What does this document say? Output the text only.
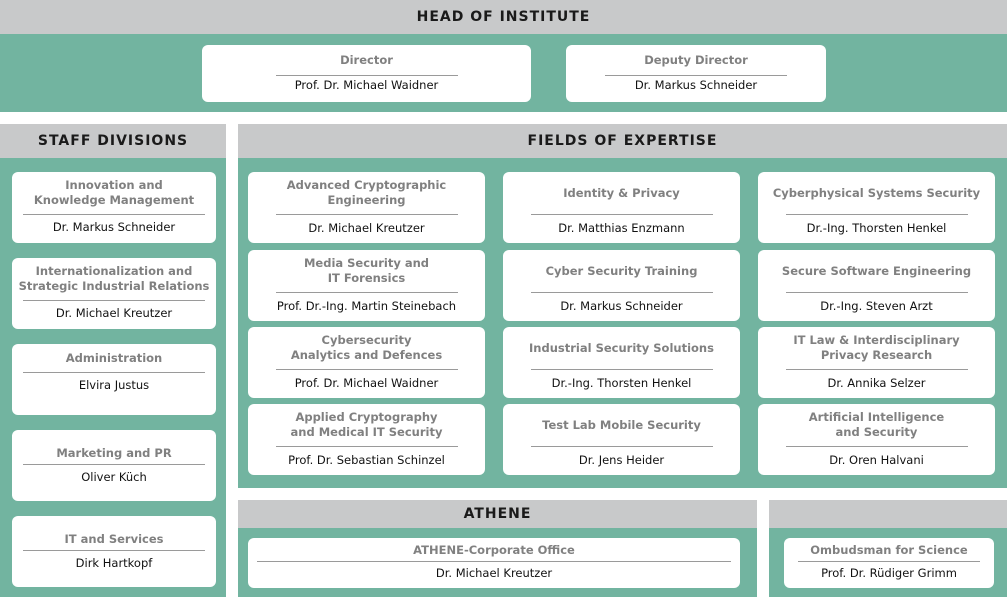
HEAD OF INSTITUTE
Director
Prof. Dr. Michael Waidner
Deputy Director
Dr. Markus Schneider
STAFF DIVISIONS
Innovation and
Knowledge Management
Dr. Markus Schneider
Internationalization and
Strategic Industrial Relations
Dr. Michael Kreutzer
Administration
Elvira Justus
Marketing and PR
Oliver Küch
IT and Services
Dirk Hartkopf
FIELDS OF EXPERTISE
Advanced Cryptographic
Engineering
Dr. Michael Kreutzer
Identity & Privacy
Dr. Matthias Enzmann
Cyberphysical Systems Security
Dr.-Ing. Thorsten Henkel
Media Security and
IT Forensics
Prof. Dr.-Ing. Martin Steinebach
Cyber Security Training
Dr. Markus Schneider
Secure Software Engineering
Dr.-Ing. Steven Arzt
Cybersecurity
Analytics and Defences
Prof. Dr. Michael Waidner
Industrial Security Solutions
Dr.-Ing. Thorsten Henkel
IT Law & Interdisciplinary
Privacy Research
Dr. Annika Selzer
Applied Cryptography
and Medical IT Security
Prof. Dr. Sebastian Schinzel
Test Lab Mobile Security
Dr. Jens Heider
Artificial Intelligence
and Security
Dr. Oren Halvani
ATHENE
ATHENE-Corporate Office
Dr. Michael Kreutzer
Ombudsman for Science
Prof. Dr. Rüdiger Grimm
